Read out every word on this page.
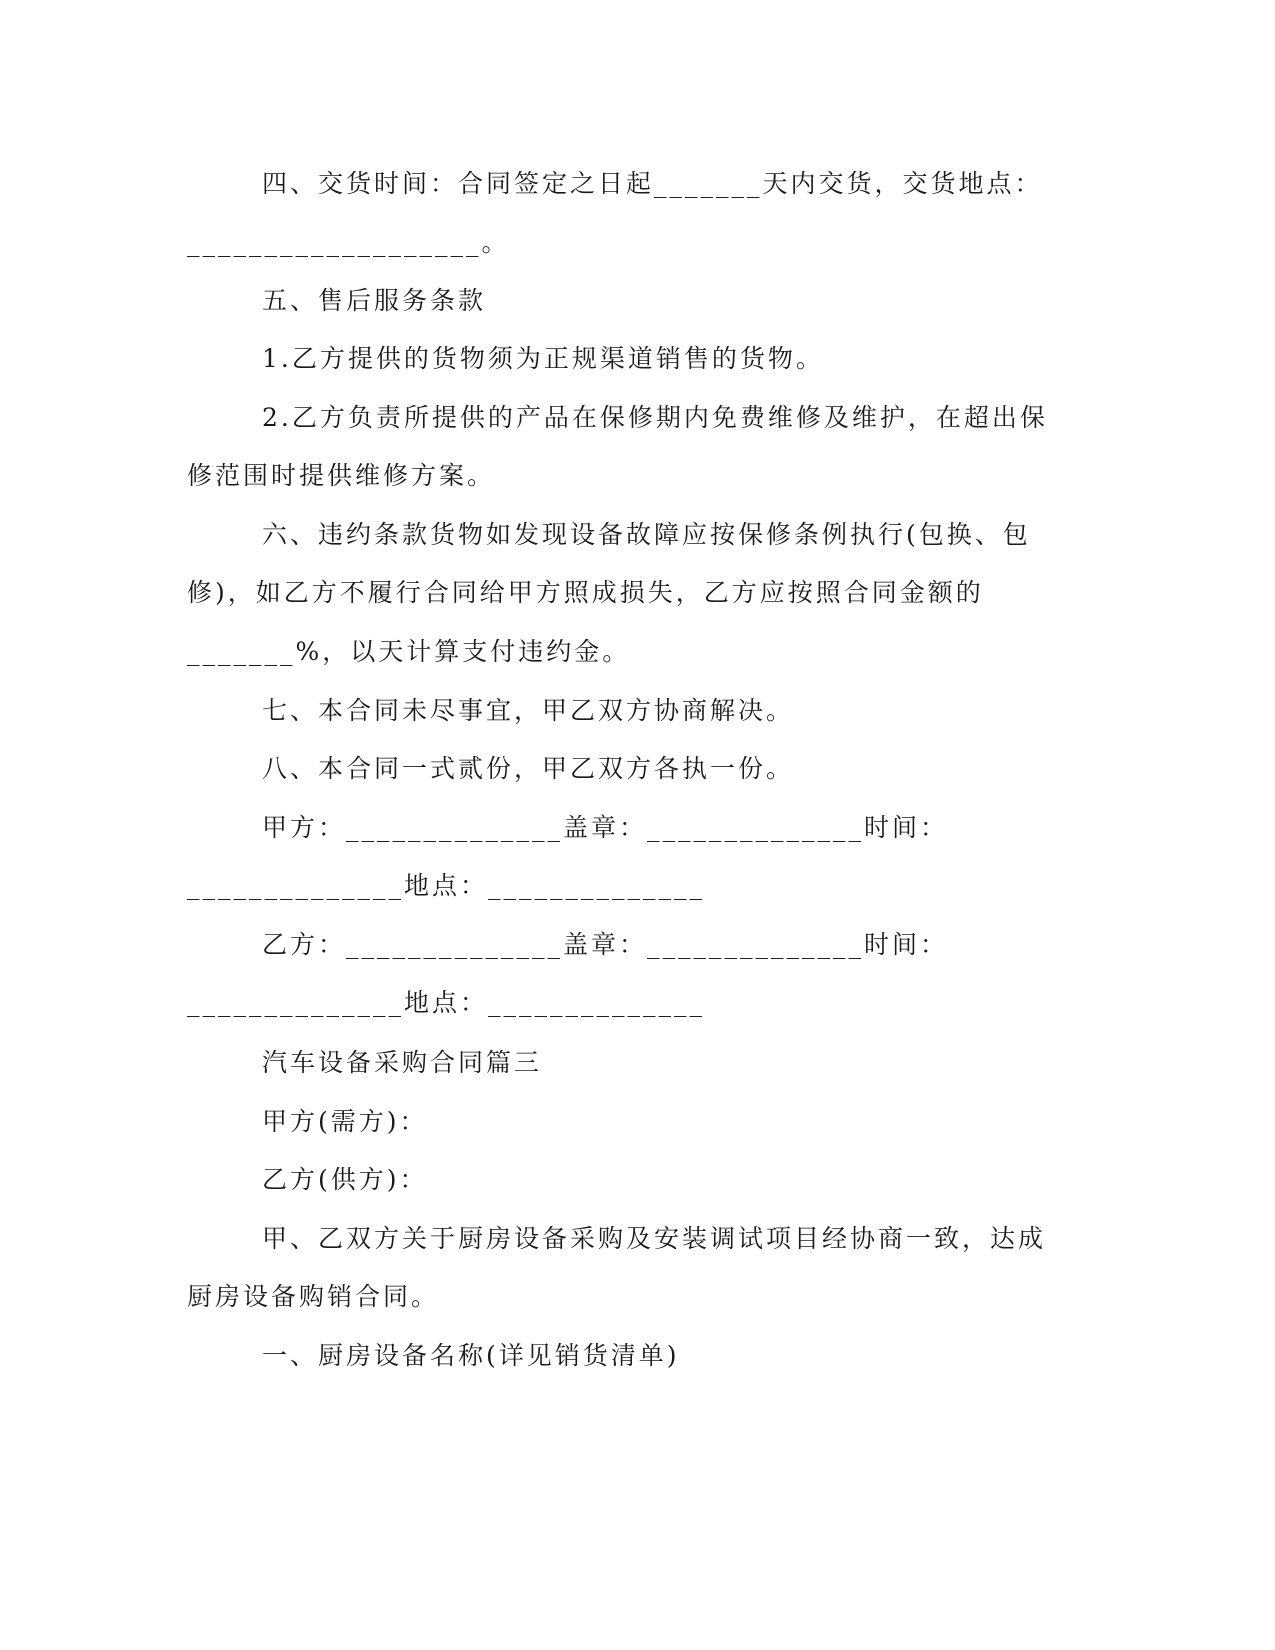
四、交货时间：合同签定之日起_______天内交货，交货地点：
___________________。
五、售后服务条款
1.乙方提供的货物须为正规渠道销售的货物。
2.乙方负责所提供的产品在保修期内免费维修及维护，在超出保
修范围时提供维修方案。
六、违约条款货物如发现设备故障应按保修条例执行(包换、包
修)，如乙方不履行合同给甲方照成损失，乙方应按照合同金额的
_______%，以天计算支付违约金。
七、本合同未尽事宜，甲乙双方协商解决。
八、本合同一式贰份，甲乙双方各执一份。
甲方：______________盖章：______________时间：
______________地点：______________
乙方：______________盖章：______________时间：
______________地点：______________
汽车设备采购合同篇三
甲方(需方)：
乙方(供方)：
甲、乙双方关于厨房设备采购及安装调试项目经协商一致，达成
厨房设备购销合同。
一、厨房设备名称(详见销货清单)
